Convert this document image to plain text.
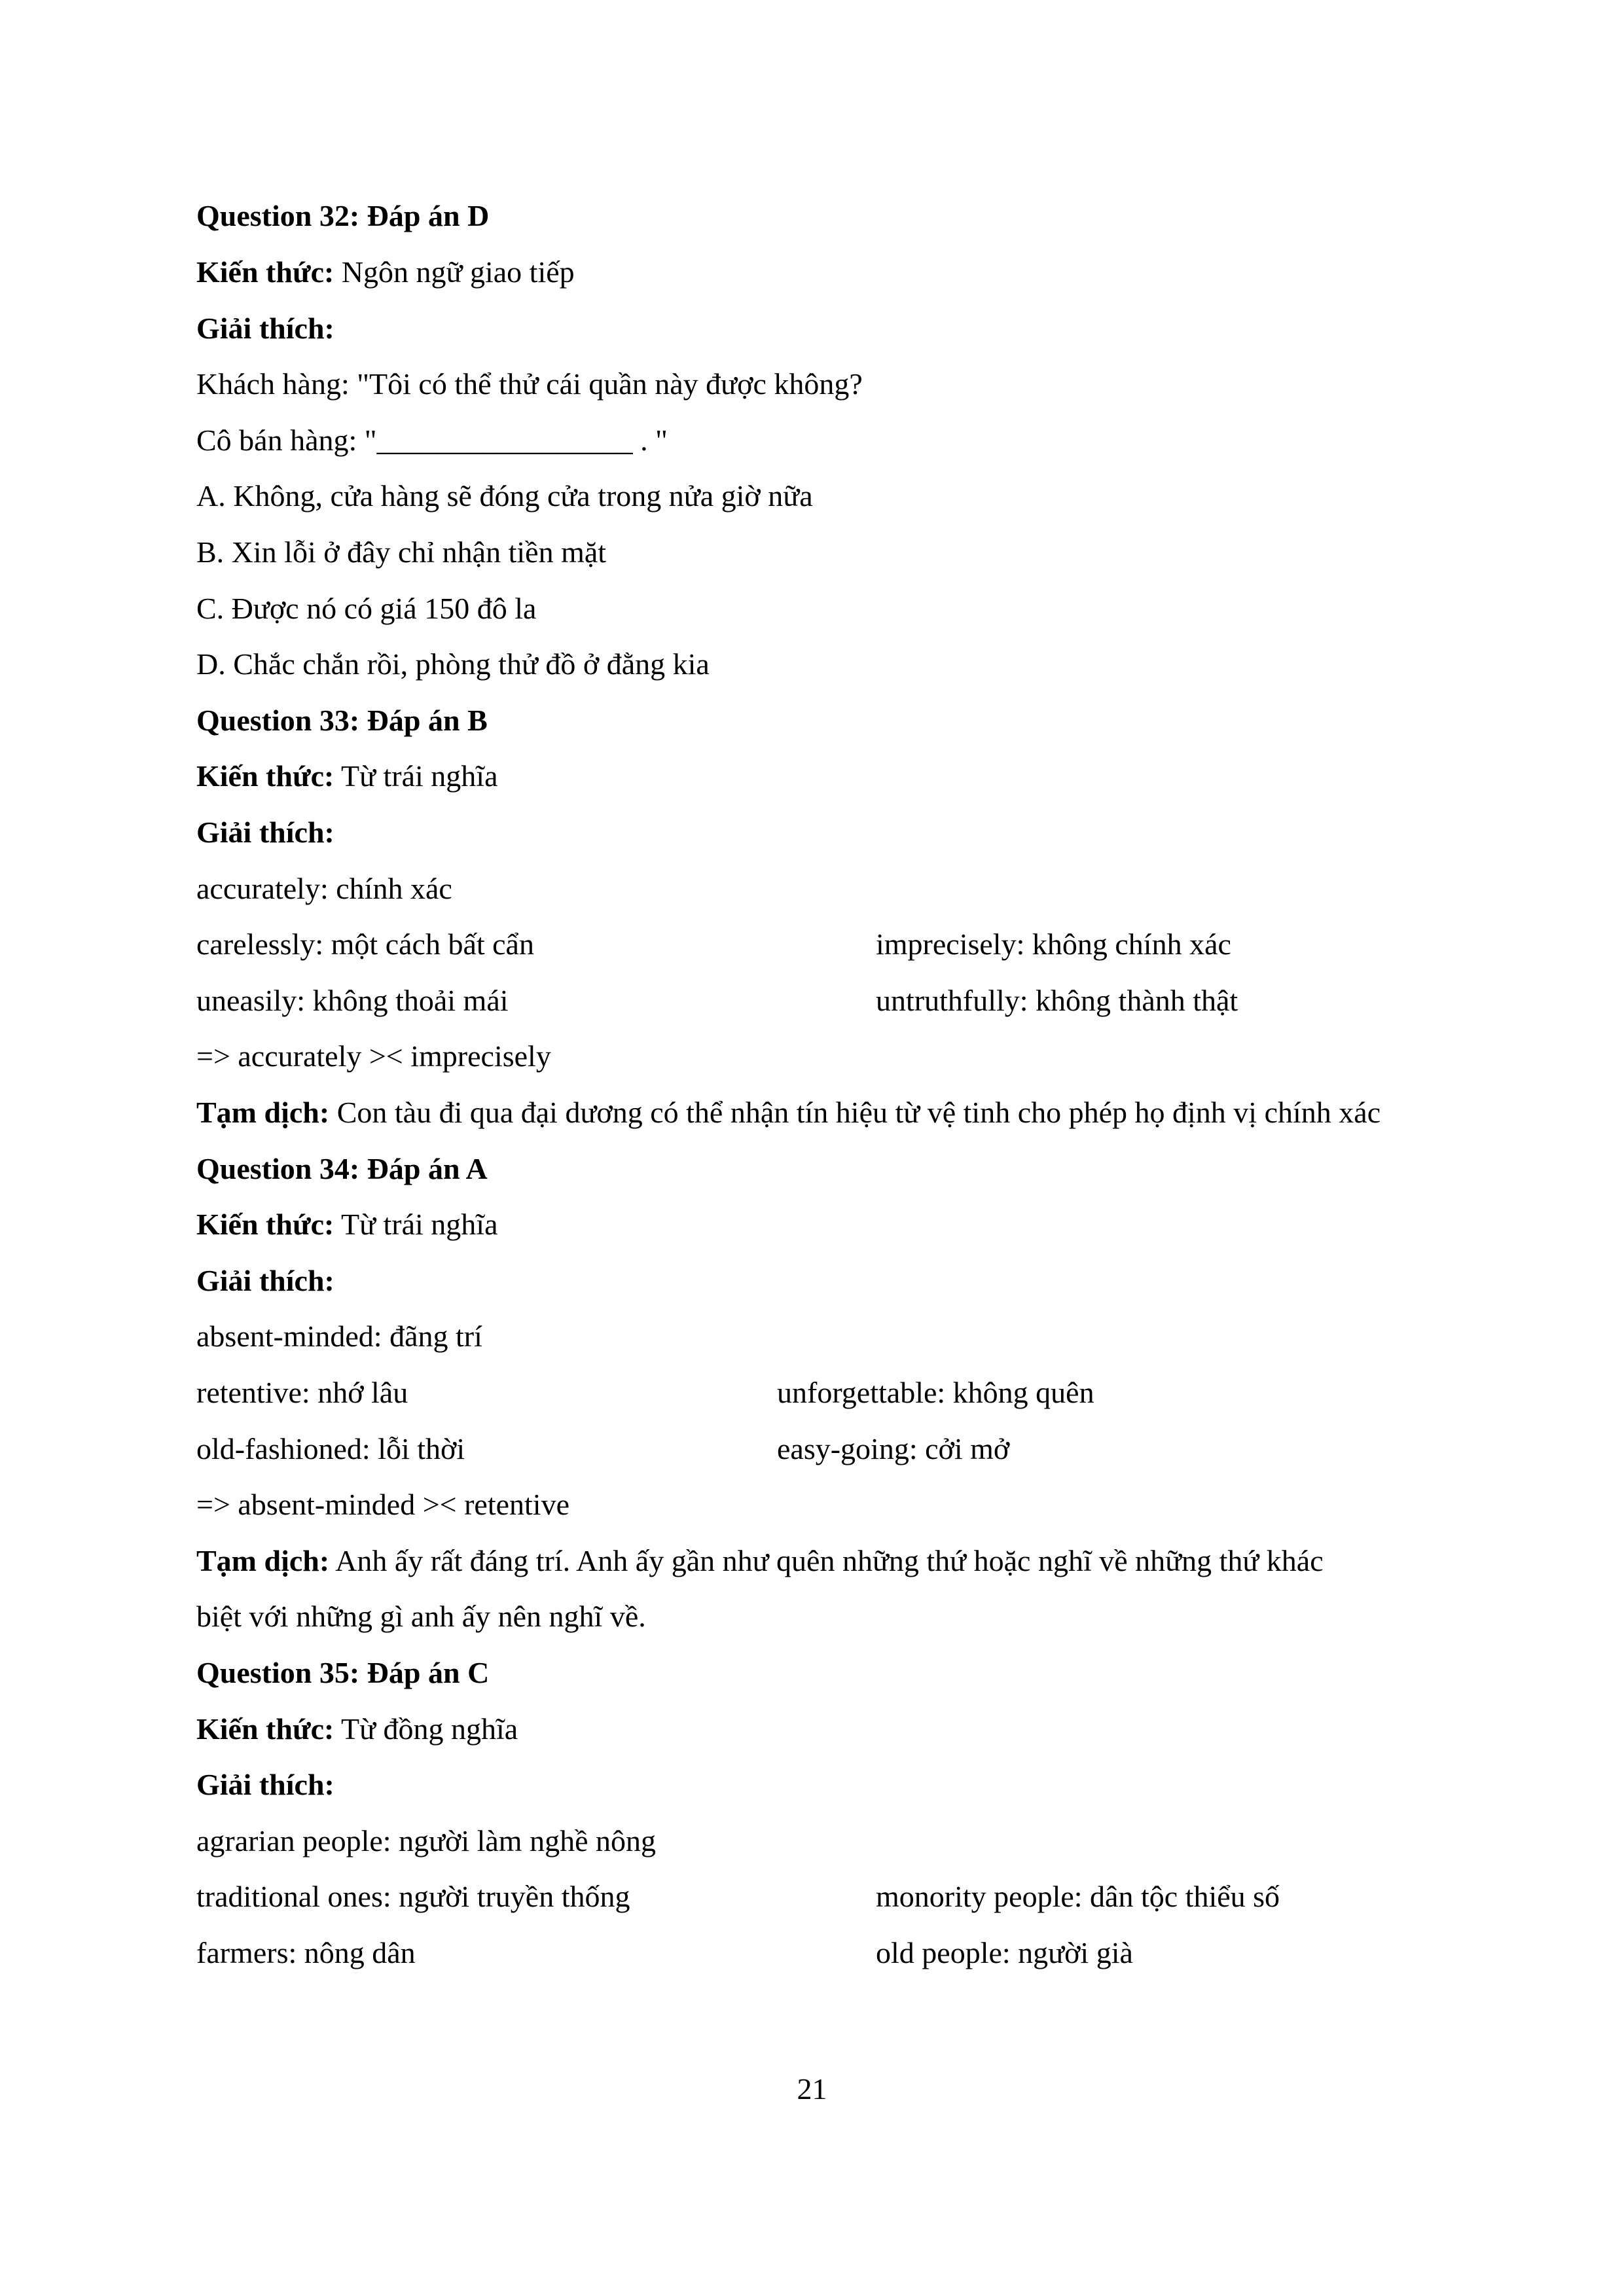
Question 32: Đáp án D
Kiến thức: Ngôn ngữ giao tiếp
Giải thích:
Khách hàng: "Tôi có thể thử cái quần này được không?
Cô bán hàng: "_________________ . "
A. Không, cửa hàng sẽ đóng cửa trong nửa giờ nữa
B. Xin lỗi ở đây chỉ nhận tiền mặt
C. Được nó có giá 150 đô la
D. Chắc chắn rồi, phòng thử đồ ở đằng kia
Question 33: Đáp án B
Kiến thức: Từ trái nghĩa
Giải thích:
accurately: chính xác
carelessly: một cách bất cẩn	imprecisely: không chính xác
uneasily: không thoải mái	untruthfully: không thành thật
=> accurately >< imprecisely
Tạm dịch: Con tàu đi qua đại dương có thể nhận tín hiệu từ vệ tinh cho phép họ định vị chính xác
Question 34: Đáp án A
Kiến thức: Từ trái nghĩa
Giải thích:
absent-minded: đãng trí
retentive: nhớ lâu	unforgettable: không quên
old-fashioned: lỗi thời	easy-going: cởi mở
=> absent-minded >< retentive
Tạm dịch: Anh ấy rất đáng trí. Anh ấy gần như quên những thứ hoặc nghĩ về những thứ khác
biệt với những gì anh ấy nên nghĩ về.
Question 35: Đáp án C
Kiến thức: Từ đồng nghĩa
Giải thích:
agrarian people: người làm nghề nông
traditional ones: người truyền thống	monority people: dân tộc thiểu số
farmers: nông dân	old people: người già
21
